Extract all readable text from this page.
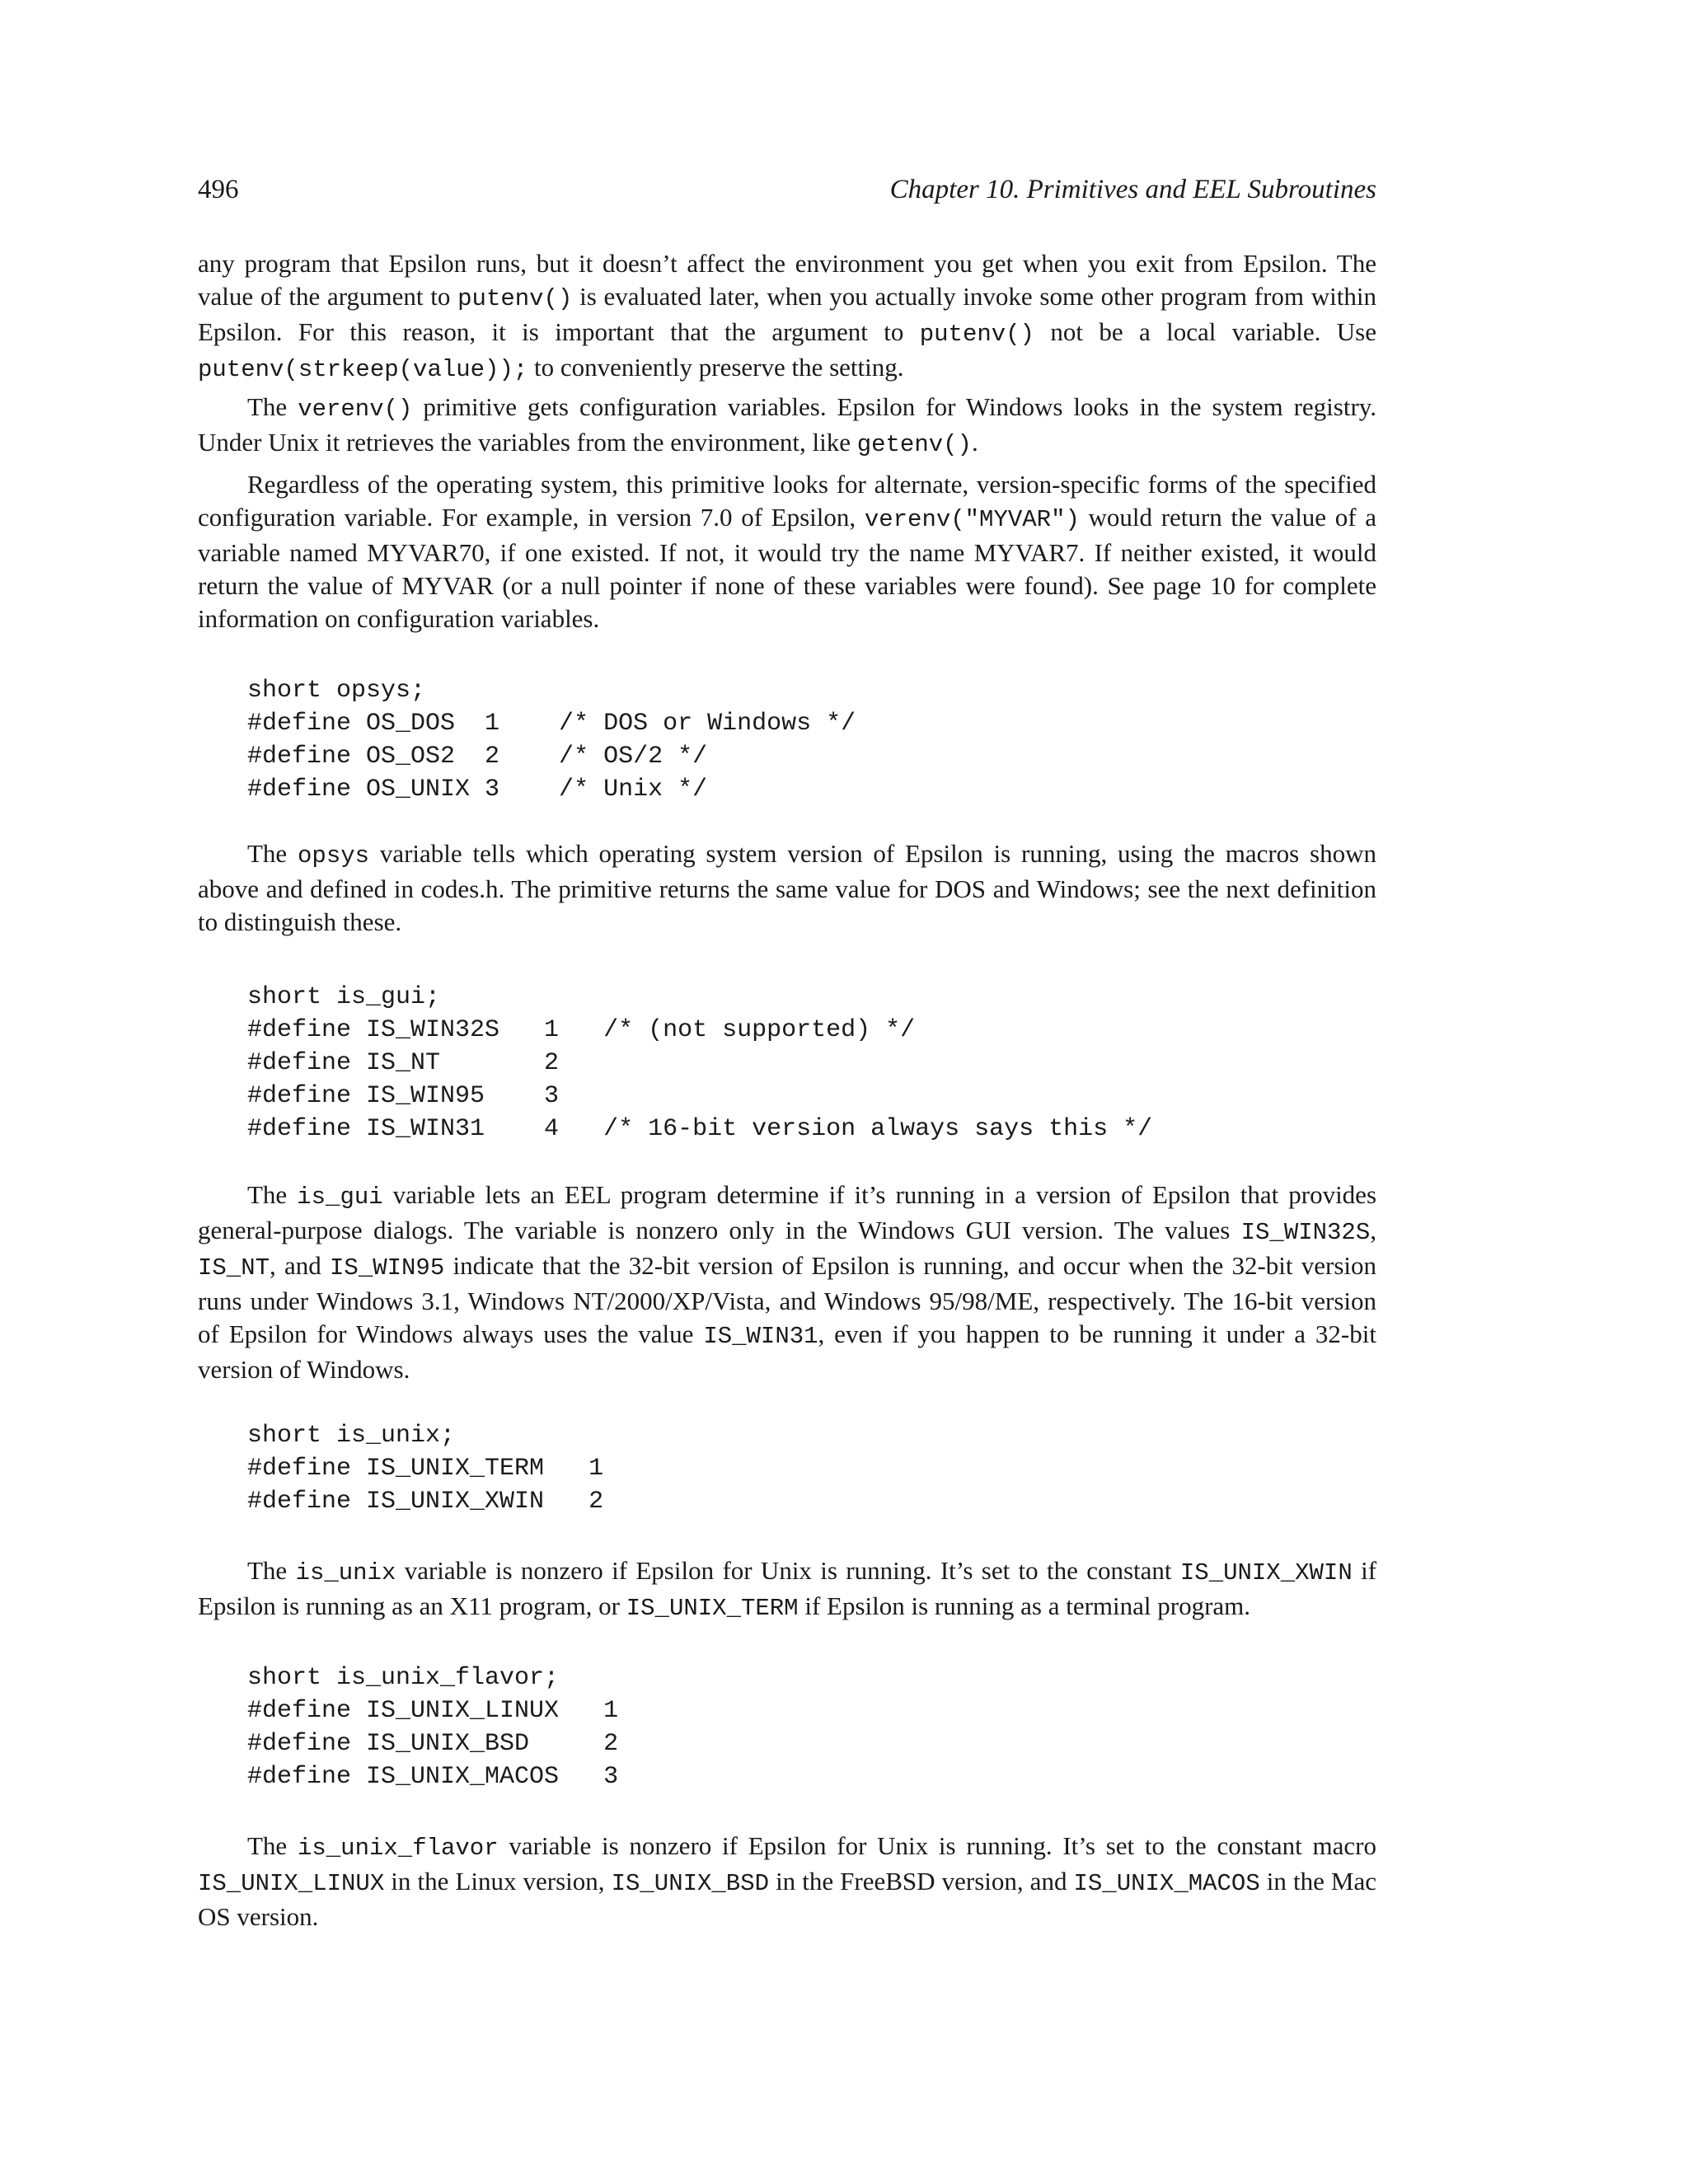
496	Chapter 10. Primitives and EEL Subroutines

any program that Epsilon runs, but it doesn’t affect the environment you get when you exit from Epsilon. The value of the argument to putenv() is evaluated later, when you actually invoke some other program from within Epsilon. For this reason, it is important that the argument to putenv() not be a local variable. Use putenv(strkeep(value)); to conveniently preserve the setting.

The verenv() primitive gets configuration variables. Epsilon for Windows looks in the system registry. Under Unix it retrieves the variables from the environment, like getenv().

Regardless of the operating system, this primitive looks for alternate, version-specific forms of the specified configuration variable. For example, in version 7.0 of Epsilon, verenv("MYVAR") would return the value of a variable named MYVAR70, if one existed. If not, it would try the name MYVAR7. If neither existed, it would return the value of MYVAR (or a null pointer if none of these variables were found). See page 10 for complete information on configuration variables.

short opsys;
#define OS_DOS  1    /* DOS or Windows */
#define OS_OS2  2    /* OS/2 */
#define OS_UNIX 3    /* Unix */

The opsys variable tells which operating system version of Epsilon is running, using the macros shown above and defined in codes.h. The primitive returns the same value for DOS and Windows; see the next definition to distinguish these.

short is_gui;
#define IS_WIN32S   1   /* (not supported) */
#define IS_NT       2
#define IS_WIN95    3
#define IS_WIN31    4   /* 16-bit version always says this */

The is_gui variable lets an EEL program determine if it’s running in a version of Epsilon that provides general-purpose dialogs. The variable is nonzero only in the Windows GUI version. The values IS_WIN32S, IS_NT, and IS_WIN95 indicate that the 32-bit version of Epsilon is running, and occur when the 32-bit version runs under Windows 3.1, Windows NT/2000/XP/Vista, and Windows 95/98/ME, respectively. The 16-bit version of Epsilon for Windows always uses the value IS_WIN31, even if you happen to be running it under a 32-bit version of Windows.

short is_unix;
#define IS_UNIX_TERM   1
#define IS_UNIX_XWIN   2

The is_unix variable is nonzero if Epsilon for Unix is running. It’s set to the constant IS_UNIX_XWIN if Epsilon is running as an X11 program, or IS_UNIX_TERM if Epsilon is running as a terminal program.

short is_unix_flavor;
#define IS_UNIX_LINUX   1
#define IS_UNIX_BSD     2
#define IS_UNIX_MACOS   3

The is_unix_flavor variable is nonzero if Epsilon for Unix is running. It’s set to the constant macro IS_UNIX_LINUX in the Linux version, IS_UNIX_BSD in the FreeBSD version, and IS_UNIX_MACOS in the Mac OS version.
